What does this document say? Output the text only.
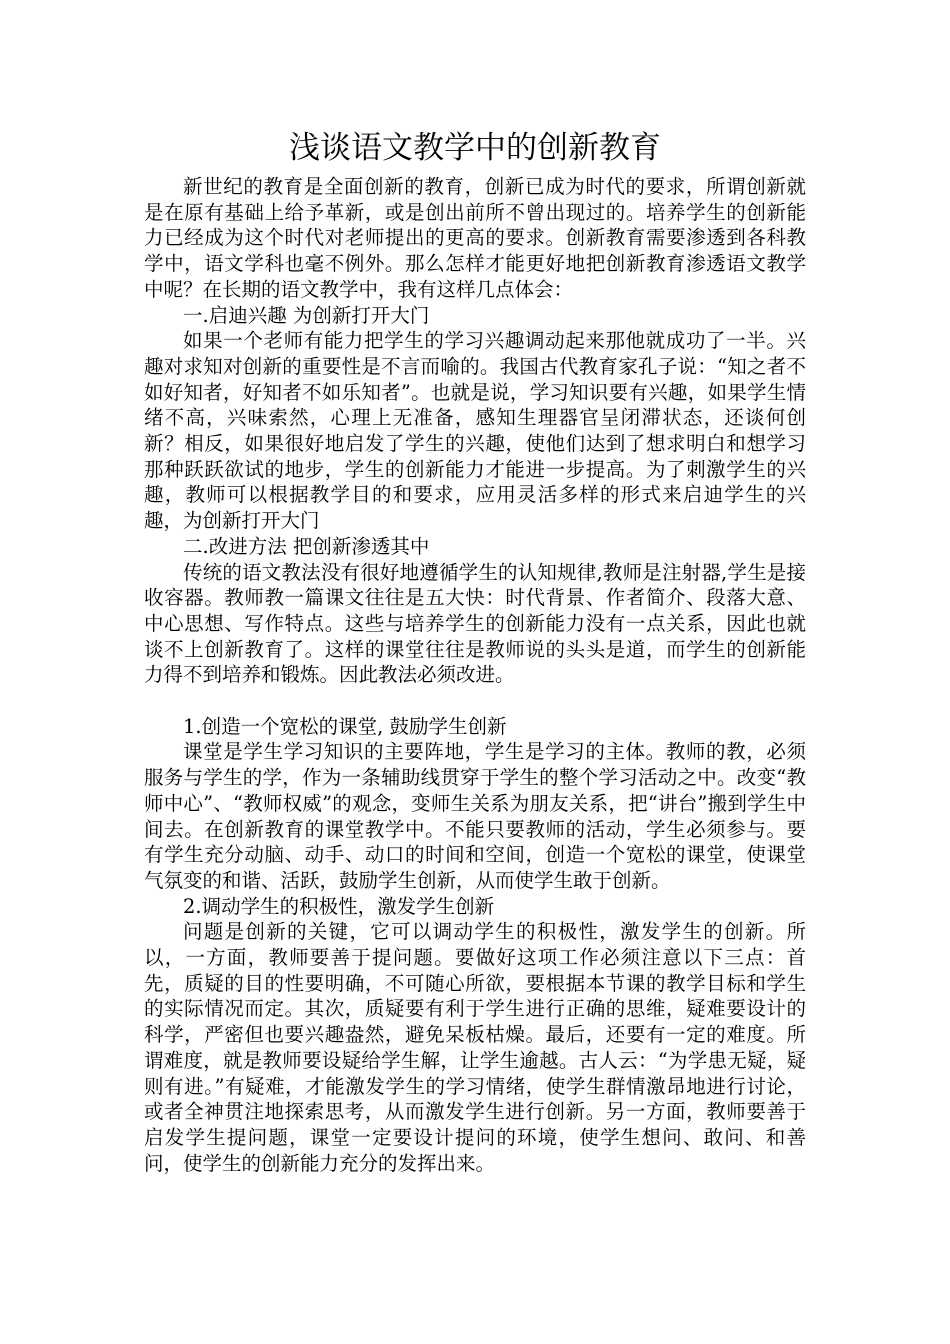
浅谈语文教学中的创新教育

新世纪的教育是全面创新的教育，创新已成为时代的要求，所谓创新就是在原有基础上给予革新，或是创出前所不曾出现过的。培养学生的创新能力已经成为这个时代对老师提出的更高的要求。创新教育需要渗透到各科教学中，语文学科也毫不例外。那么怎样才能更好地把创新教育渗透语文教学中呢？在长期的语文教学中，我有这样几点体会：

一.启迪兴趣 为创新打开大门

如果一个老师有能力把学生的学习兴趣调动起来那他就成功了一半。兴趣对求知对创新的重要性是不言而喻的。我国古代教育家孔子说：“知之者不如好知者，好知者不如乐知者”。也就是说，学习知识要有兴趣，如果学生情绪不高，兴味索然，心理上无准备，感知生理器官呈闭滞状态，还谈何创新？相反，如果很好地启发了学生的兴趣，使他们达到了想求明白和想学习那种跃跃欲试的地步，学生的创新能力才能进一步提高。为了刺激学生的兴趣，教师可以根据教学目的和要求，应用灵活多样的形式来启迪学生的兴趣，为创新打开大门

二.改进方法 把创新渗透其中

传统的语文教法没有很好地遵循学生的认知规律,教师是注射器,学生是接收容器。教师教一篇课文往往是五大快：时代背景、作者简介、段落大意、中心思想、写作特点。这些与培养学生的创新能力没有一点关系，因此也就谈不上创新教育了。这样的课堂往往是教师说的头头是道，而学生的创新能力得不到培养和锻炼。因此教法必须改进。

1.创造一个宽松的课堂, 鼓励学生创新

课堂是学生学习知识的主要阵地，学生是学习的主体。教师的教，必须服务与学生的学，作为一条辅助线贯穿于学生的整个学习活动之中。改变“教师中心”、“教师权威”的观念，变师生关系为朋友关系，把“讲台”搬到学生中间去。在创新教育的课堂教学中。不能只要教师的活动，学生必须参与。要有学生充分动脑、动手、动口的时间和空间，创造一个宽松的课堂，使课堂气氛变的和谐、活跃，鼓励学生创新，从而使学生敢于创新。

2.调动学生的积极性，激发学生创新

问题是创新的关键，它可以调动学生的积极性，激发学生的创新。所以，一方面，教师要善于提问题。要做好这项工作必须注意以下三点：首先，质疑的目的性要明确，不可随心所欲，要根据本节课的教学目标和学生的实际情况而定。其次，质疑要有利于学生进行正确的思维，疑难要设计的科学，严密但也要兴趣盎然，避免呆板枯燥。最后，还要有一定的难度。所谓难度，就是教师要设疑给学生解，让学生逾越。古人云：“为学患无疑，疑则有进。”有疑难，才能激发学生的学习情绪，使学生群情激昂地进行讨论，或者全神贯注地探索思考，从而激发学生进行创新。另一方面，教师要善于启发学生提问题，课堂一定要设计提问的环境，使学生想问、敢问、和善问，使学生的创新能力充分的发挥出来。
